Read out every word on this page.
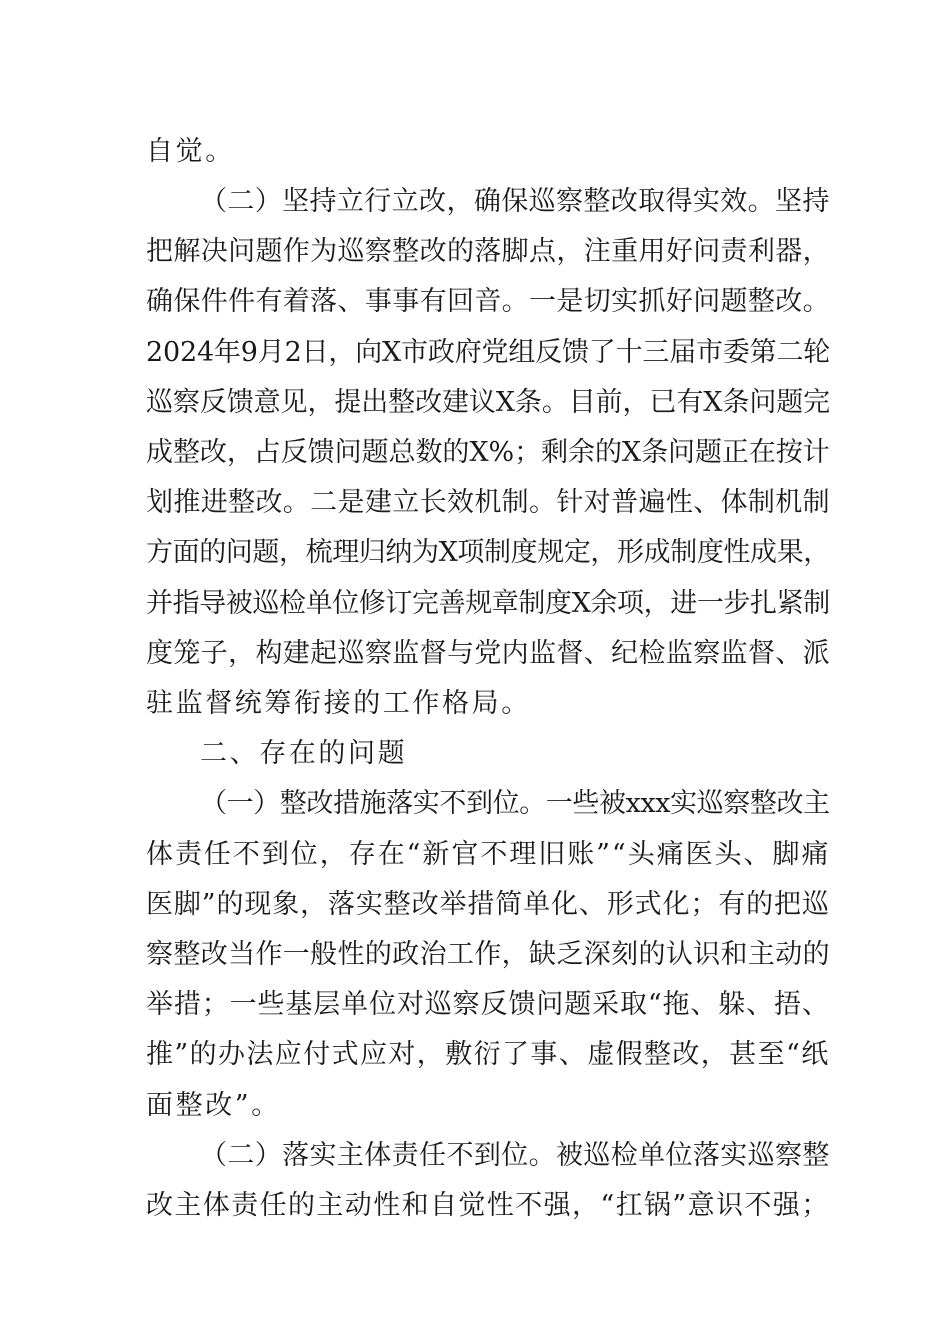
自觉。
（二）坚持立行立改，确保巡察整改取得实效。坚持
把解决问题作为巡察整改的落脚点，注重用好问责利器，
确保件件有着落、事事有回音。一是切实抓好问题整改。
2024年9月2日，向X市政府党组反馈了十三届市委第二轮
巡察反馈意见，提出整改建议X条。目前，已有X条问题完
成整改，占反馈问题总数的X%；剩余的X条问题正在按计
划推进整改。二是建立长效机制。针对普遍性、体制机制
方面的问题，梳理归纳为X项制度规定，形成制度性成果，
并指导被巡检单位修订完善规章制度X余项，进一步扎紧制
度笼子，构建起巡察监督与党内监督、纪检监察监督、派
驻监督统筹衔接的工作格局。
二、存在的问题
（一）整改措施落实不到位。一些被xxx实巡察整改主
体责任不到位，存在“新官不理旧账”“头痛医头、脚痛
医脚”的现象，落实整改举措简单化、形式化；有的把巡
察整改当作一般性的政治工作，缺乏深刻的认识和主动的
举措；一些基层单位对巡察反馈问题采取“拖、躲、捂、
推”的办法应付式应对，敷衍了事、虚假整改，甚至“纸
面整改”。
（二）落实主体责任不到位。被巡检单位落实巡察整
改主体责任的主动性和自觉性不强，“扛锅”意识不强；
